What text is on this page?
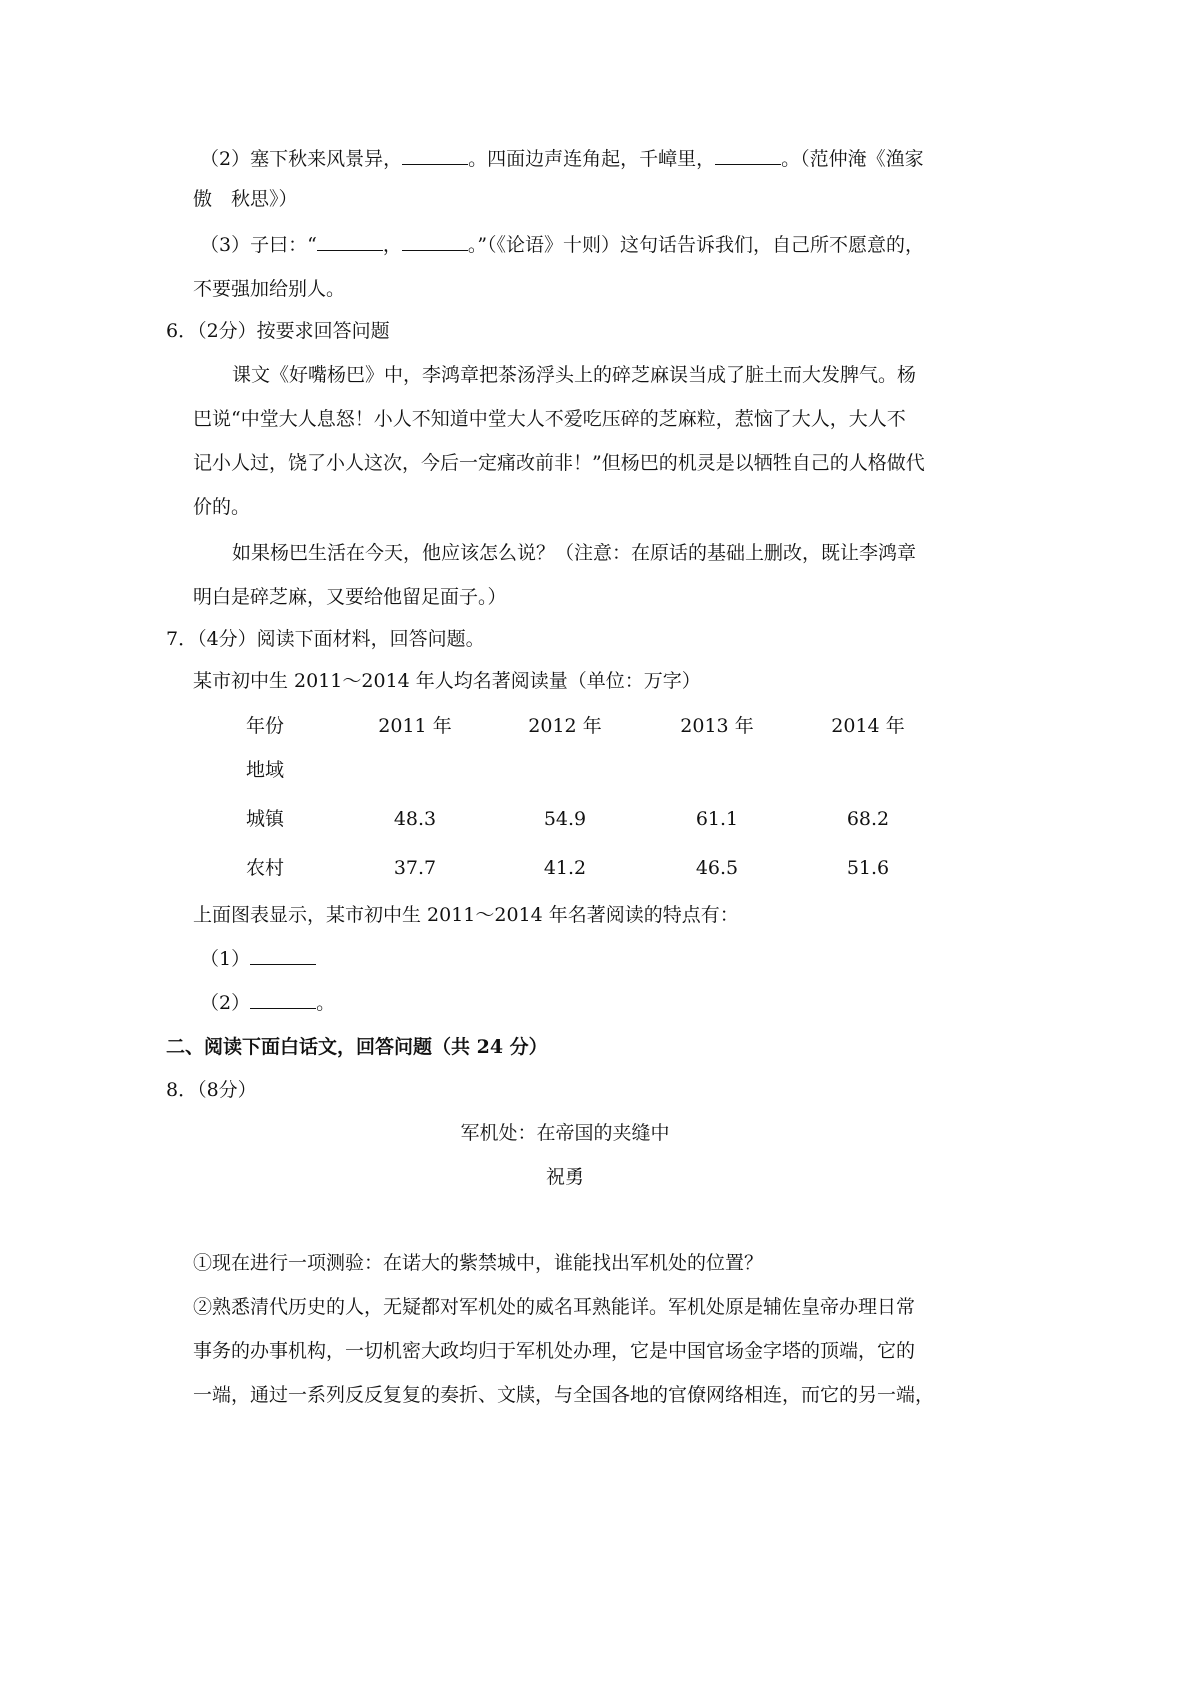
（2）塞下秋来风景异，	。四面边声连角起，千嶂里，	。（范仲淹《渔家
傲　秋思》）
（3）子曰：“	，	。”（《论语》十则）这句话告诉我们，自己所不愿意的，
不要强加给别人。
6．（2分）按要求回答问题
课文《好嘴杨巴》中，李鸿章把茶汤浮头上的碎芝麻误当成了脏土而大发脾气。杨
巴说“中堂大人息怒！小人不知道中堂大人不爱吃压碎的芝麻粒，惹恼了大人，大人不
记小人过，饶了小人这次，今后一定痛改前非！”但杨巴的机灵是以牺牲自己的人格做代
价的。
如果杨巴生活在今天，他应该怎么说？（注意：在原话的基础上删改，既让李鸿章
明白是碎芝麻，又要给他留足面子。）
7．（4分）阅读下面材料，回答问题。
某市初中生 2011～2014 年人均名著阅读量（单位：万字）
年份	2011 年	2012 年	2013 年	2014 年
地域
城镇	48.3	54.9	61.1	68.2
农村	37.7	41.2	46.5	51.6
上面图表显示，某市初中生 2011～2014 年名著阅读的特点有：
（1）
（2）	。
二、阅读下面白话文，回答问题（共 24 分）
8．（8分）
军机处：在帝国的夹缝中
祝勇
①现在进行一项测验：在诺大的紫禁城中，谁能找出军机处的位置？
②熟悉清代历史的人，无疑都对军机处的威名耳熟能详。军机处原是辅佐皇帝办理日常
事务的办事机构，一切机密大政均归于军机处办理，它是中国官场金字塔的顶端，它的
一端，通过一系列反反复复的奏折、文牍，与全国各地的官僚网络相连，而它的另一端，
